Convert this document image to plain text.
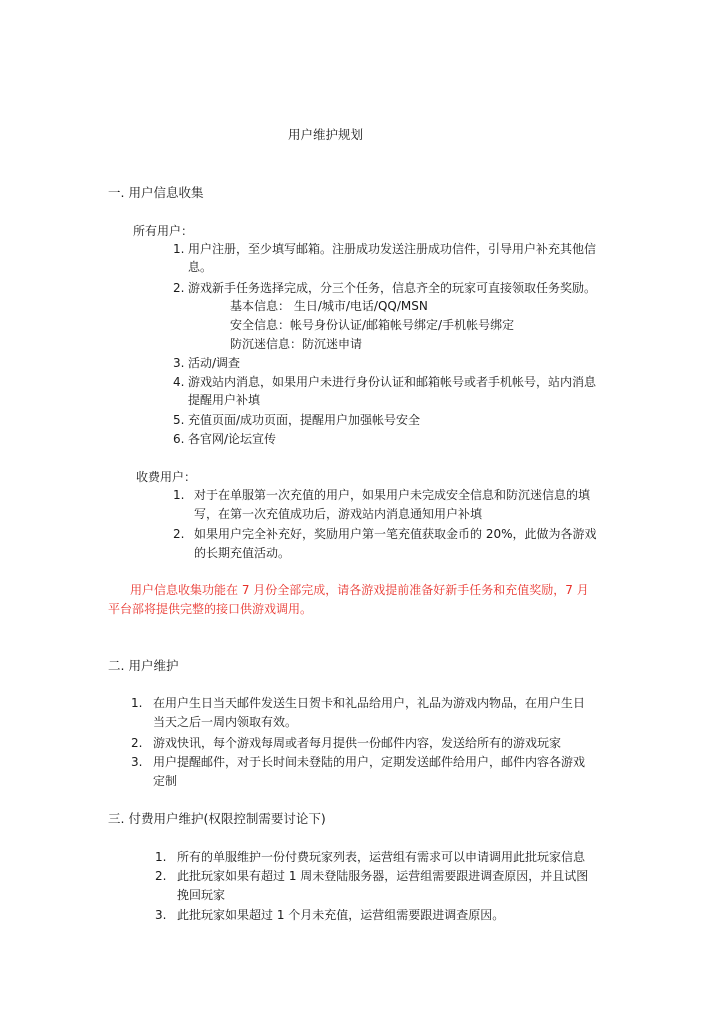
用户维护规划
一. 用户信息收集
所有用户：
1. 用户注册，至少填写邮箱。注册成功发送注册成功信件，引导用户补充其他信
息。
2. 游戏新手任务选择完成，分三个任务，信息齐全的玩家可直接领取任务奖励。
基本信息： 生日/城市/电话/QQ/MSN
安全信息：帐号身份认证/邮箱帐号绑定/手机帐号绑定
防沉迷信息：防沉迷申请
3. 活动/调查
4. 游戏站内消息，如果用户未进行身份认证和邮箱帐号或者手机帐号，站内消息
提醒用户补填
5. 充值页面/成功页面，提醒用户加强帐号安全
6. 各官网/论坛宣传
收费用户：
1. 对于在单服第一次充值的用户，如果用户未完成安全信息和防沉迷信息的填
写，在第一次充值成功后，游戏站内消息通知用户补填
2. 如果用户完全补充好，奖励用户第一笔充值获取金币的 20%，此做为各游戏
的长期充值活动。
用户信息收集功能在 7 月份全部完成，请各游戏提前准备好新手任务和充值奖励，7 月
平台部将提供完整的接口供游戏调用。
二. 用户维护
1. 在用户生日当天邮件发送生日贺卡和礼品给用户，礼品为游戏内物品，在用户生日
当天之后一周内领取有效。
2. 游戏快讯，每个游戏每周或者每月提供一份邮件内容，发送给所有的游戏玩家
3. 用户提醒邮件，对于长时间未登陆的用户，定期发送邮件给用户，邮件内容各游戏
定制
三. 付费用户维护(权限控制需要讨论下)
1. 所有的单服维护一份付费玩家列表，运营组有需求可以申请调用此批玩家信息
2. 此批玩家如果有超过 1 周未登陆服务器，运营组需要跟进调查原因，并且试图
挽回玩家
3. 此批玩家如果超过 1 个月未充值，运营组需要跟进调查原因。
